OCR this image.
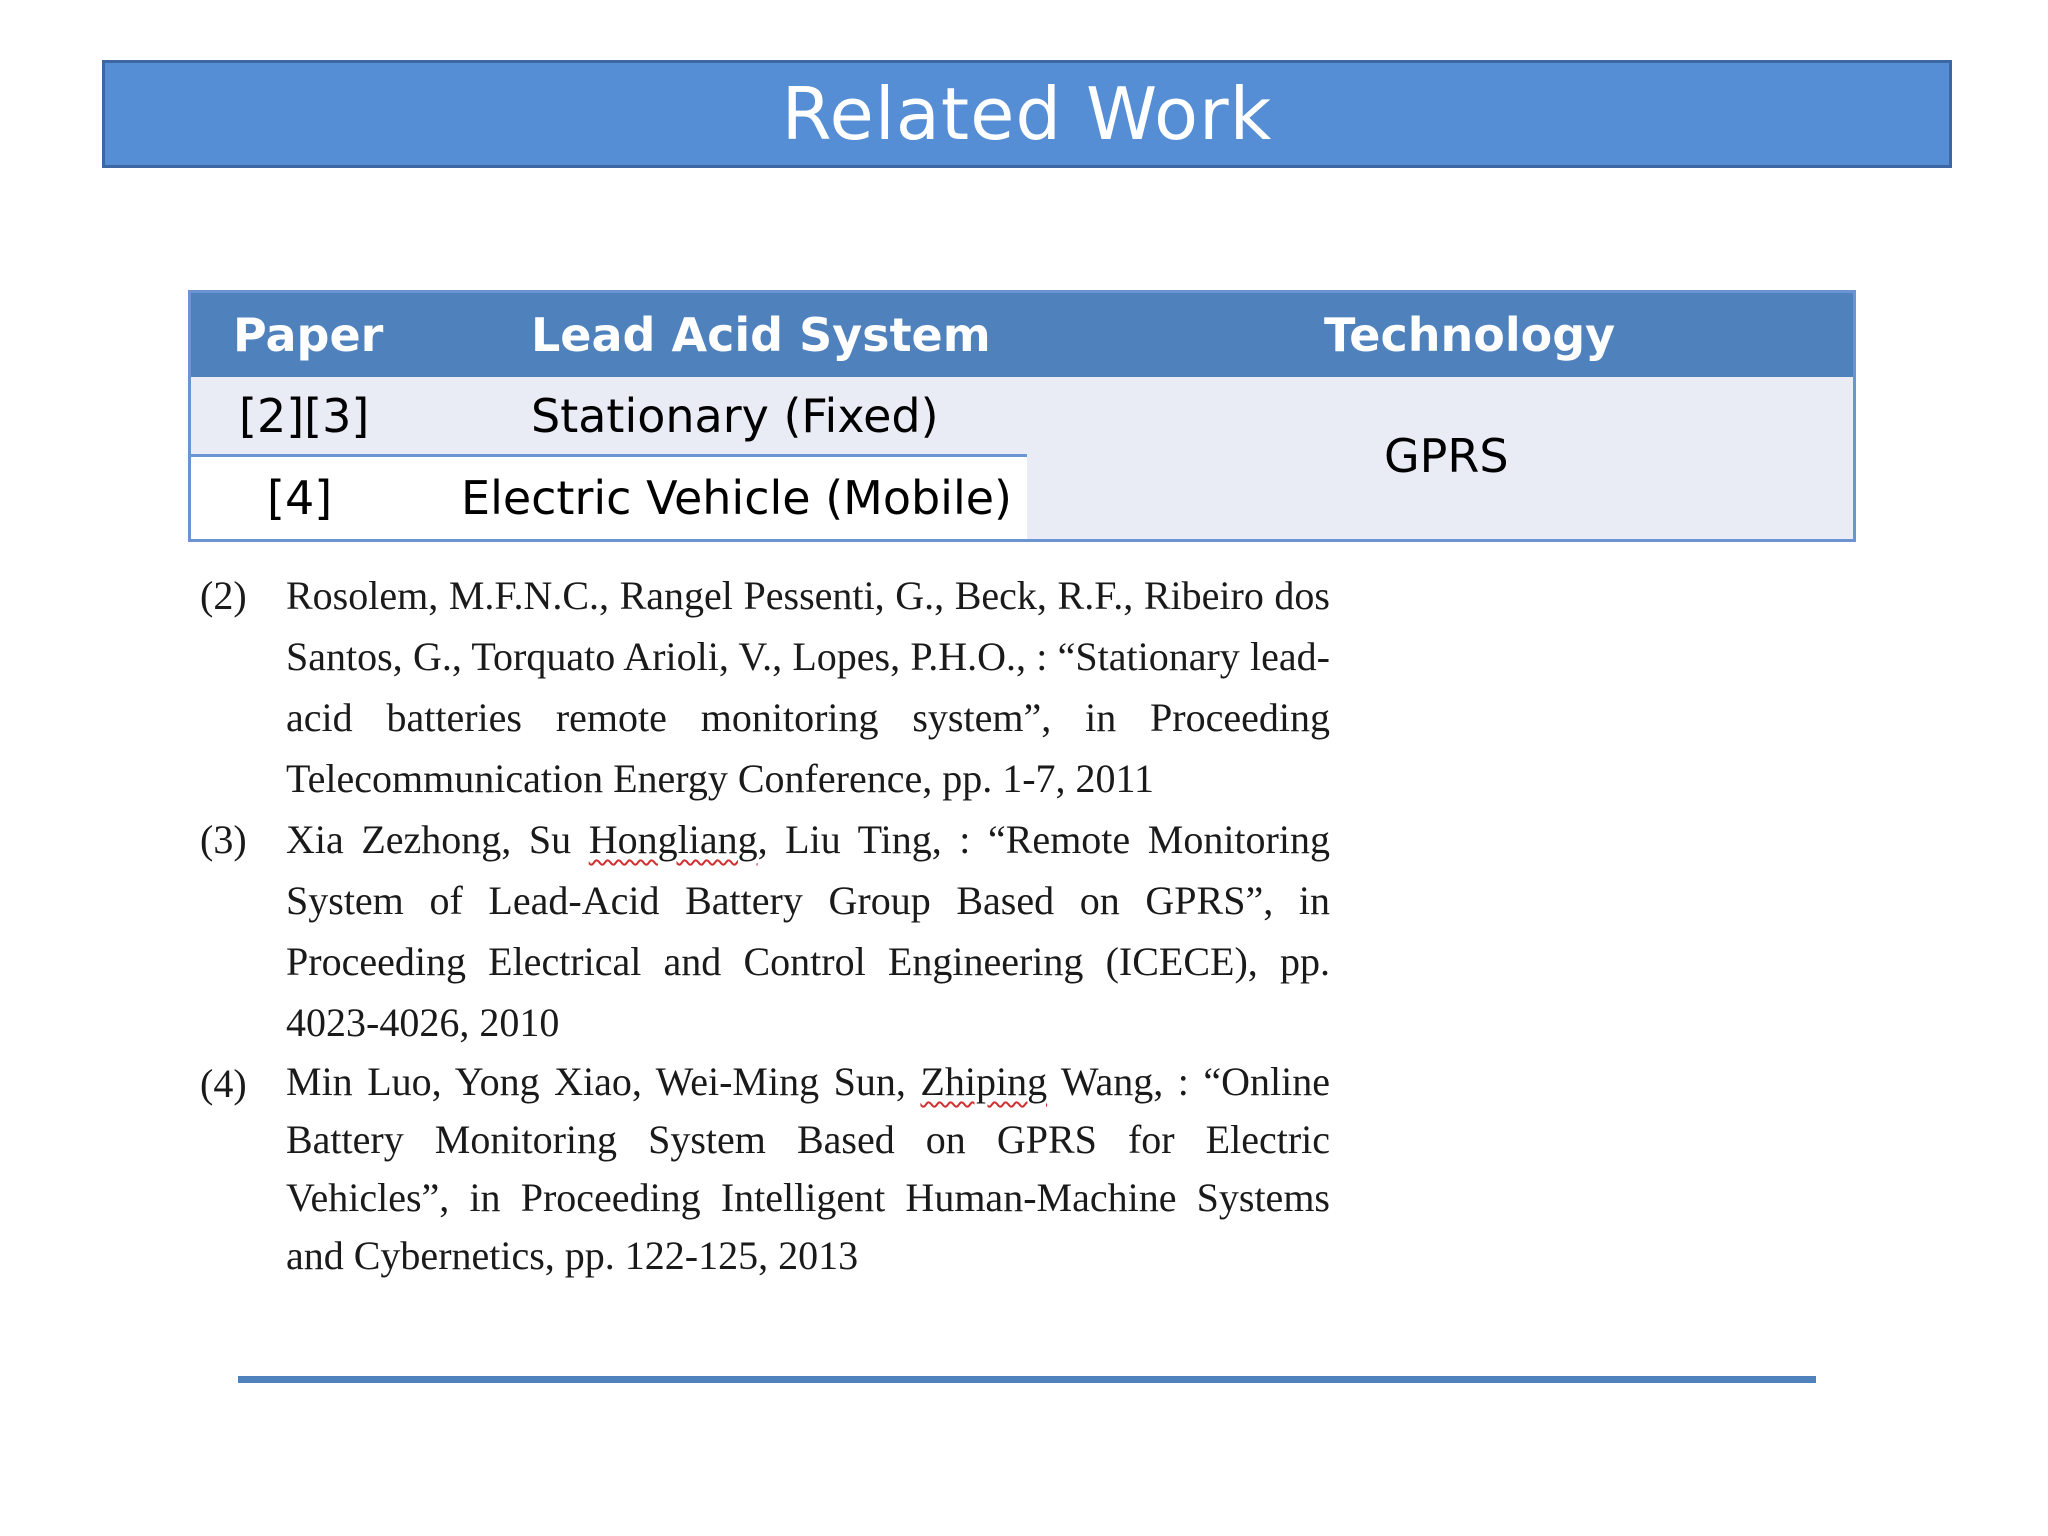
Related Work
Paper	Lead Acid System	Technology
[2][3]	Stationary (Fixed)
[4]	Electric Vehicle (Mobile)
GPRS
(2) Rosolem, M.F.N.C., Rangel Pessenti, G., Beck, R.F., Ribeiro dos Santos, G., Torquato Arioli, V., Lopes, P.H.O., : “Stationary lead-acid batteries remote monitoring system”, in Proceeding Telecommunication Energy Conference, pp. 1-7, 2011
(3) Xia Zezhong, Su Hongliang, Liu Ting, : “Remote Monitoring System of Lead-Acid Battery Group Based on GPRS”, in Proceeding Electrical and Control Engineering (ICECE), pp. 4023-4026, 2010
(4) Min Luo, Yong Xiao, Wei-Ming Sun, Zhiping Wang, : “Online Battery Monitoring System Based on GPRS for Electric Vehicles”, in Proceeding Intelligent Human-Machine Systems and Cybernetics, pp. 122-125, 2013
